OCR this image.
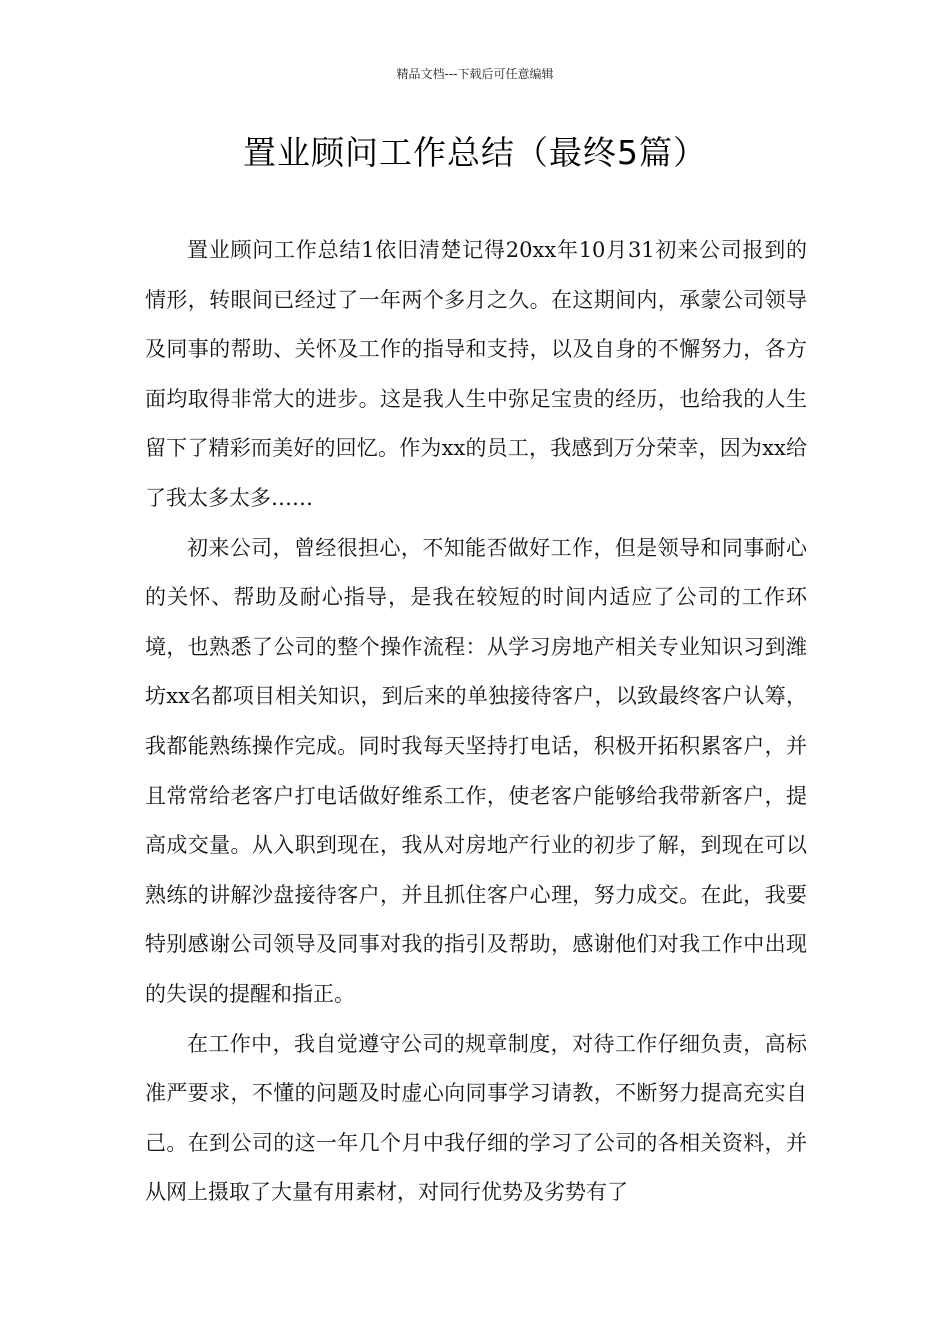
精品文档---下载后可任意编辑
置业顾问工作总结（最终5篇）

置业顾问工作总结1依旧清楚记得20xx年10月31初来公司报到的情形，转眼间已经过了一年两个多月之久。在这期间内，承蒙公司领导及同事的帮助、关怀及工作的指导和支持，以及自身的不懈努力，各方面均取得非常大的进步。这是我人生中弥足宝贵的经历，也给我的人生留下了精彩而美好的回忆。作为xx的员工，我感到万分荣幸，因为xx给了我太多太多……

初来公司，曾经很担心，不知能否做好工作，但是领导和同事耐心的关怀、帮助及耐心指导，是我在较短的时间内适应了公司的工作环境，也熟悉了公司的整个操作流程：从学习房地产相关专业知识习到潍坊xx名都项目相关知识，到后来的单独接待客户，以致最终客户认筹，我都能熟练操作完成。同时我每天坚持打电话，积极开拓积累客户，并且常常给老客户打电话做好维系工作，使老客户能够给我带新客户，提高成交量。从入职到现在，我从对房地产行业的初步了解，到现在可以熟练的讲解沙盘接待客户，并且抓住客户心理，努力成交。在此，我要特别感谢公司领导及同事对我的指引及帮助，感谢他们对我工作中出现的失误的提醒和指正。

在工作中，我自觉遵守公司的规章制度，对待工作仔细负责，高标准严要求，不懂的问题及时虚心向同事学习请教，不断努力提高充实自己。在到公司的这一年几个月中我仔细的学习了公司的各相关资料，并从网上摄取了大量有用素材，对同行优势及劣势有了
